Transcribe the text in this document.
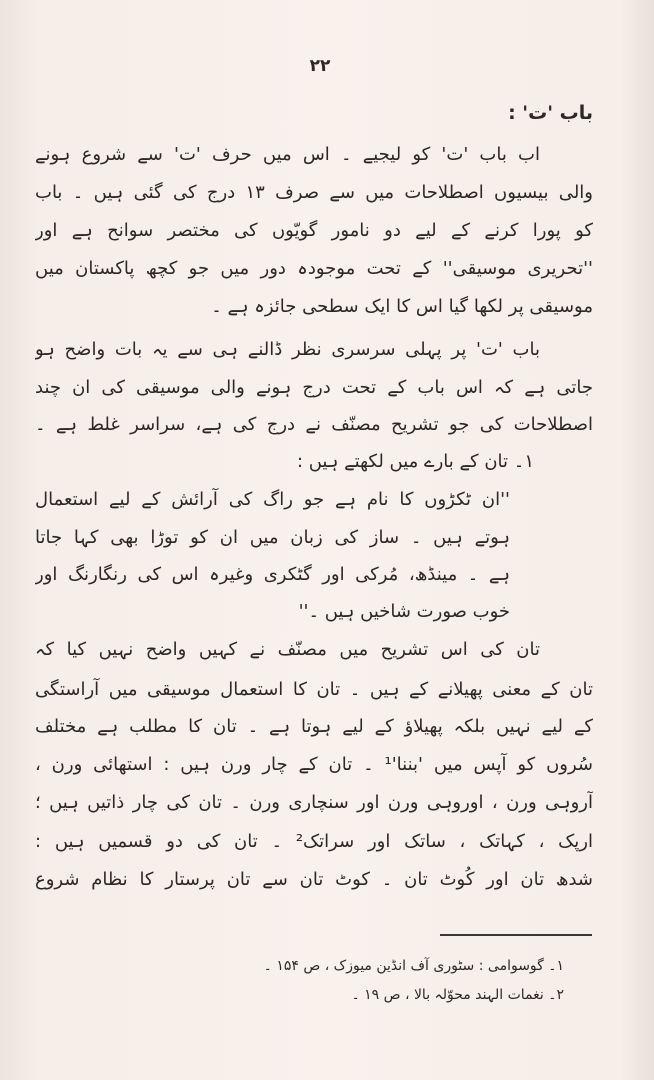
۲۲
باب 'ت' :
اب باب 'ت' کو لیجیے ۔ اس میں حرف 'ت' سے شروع ہونے
والی بیسیوں اصطلاحات میں سے صرف ۱۳ درج کی گئی ہیں ۔ باب
کو پورا کرنے کے لیے دو نامور گویّوں کی مختصر سوانح ہے اور
''تحریری موسیقی'' کے تحت موجودہ دور میں جو کچھ پاکستان میں
موسیقی پر لکھا گیا اس کا ایک سطحی جائزہ ہے ۔
باب 'ت' پر پہلی سرسری نظر ڈالنے ہی سے یہ بات واضح ہو
جاتی ہے کہ اس باب کے تحت درج ہونے والی موسیقی کی ان چند
اصطلاحات کی جو تشریح مصنّف نے درج کی ہے، سراسر غلط ہے ۔
۱۔ تان کے بارے میں لکھتے ہیں :
''ان ٹکڑوں کا نام ہے جو راگ کی آرائش کے لیے استعمال
ہوتے ہیں ۔ ساز کی زبان میں ان کو توڑا بھی کہا جاتا
ہے ۔ مینڈھ، مُرکی اور گٹکری وغیرہ اس کی رنگارنگ اور
خوب صورت شاخیں ہیں ۔''
تان کی اس تشریح میں مصنّف نے کہیں واضح نہیں کیا کہ
تان کے معنی پھیلانے کے ہیں ۔ تان کا استعمال موسیقی میں آراستگی
کے لیے نہیں بلکہ پھیلاؤ کے لیے ہوتا ہے ۔ تان کا مطلب ہے مختلف
سُروں کو آپس میں 'بننا'¹ ۔ تان کے چار ورن ہیں : استھائی ورن ،
آروہی ورن ، اوروہی ورن اور سنچاری ورن ۔ تان کی چار ذاتیں ہیں ؛
ارپک ، کہاتک ، ساتک اور سراتک² ۔ تان کی دو قسمیں ہیں :
شدھ تان اور کُوٹ تان ۔ کوٹ تان سے تان پرستار کا نظام شروع
۱۔ گوسوامی : سٹوری آف انڈین میوزک ، ص ۱۵۴ ۔
۲۔ نغمات الہند محوّلہ بالا ، ص ۱۹ ۔
